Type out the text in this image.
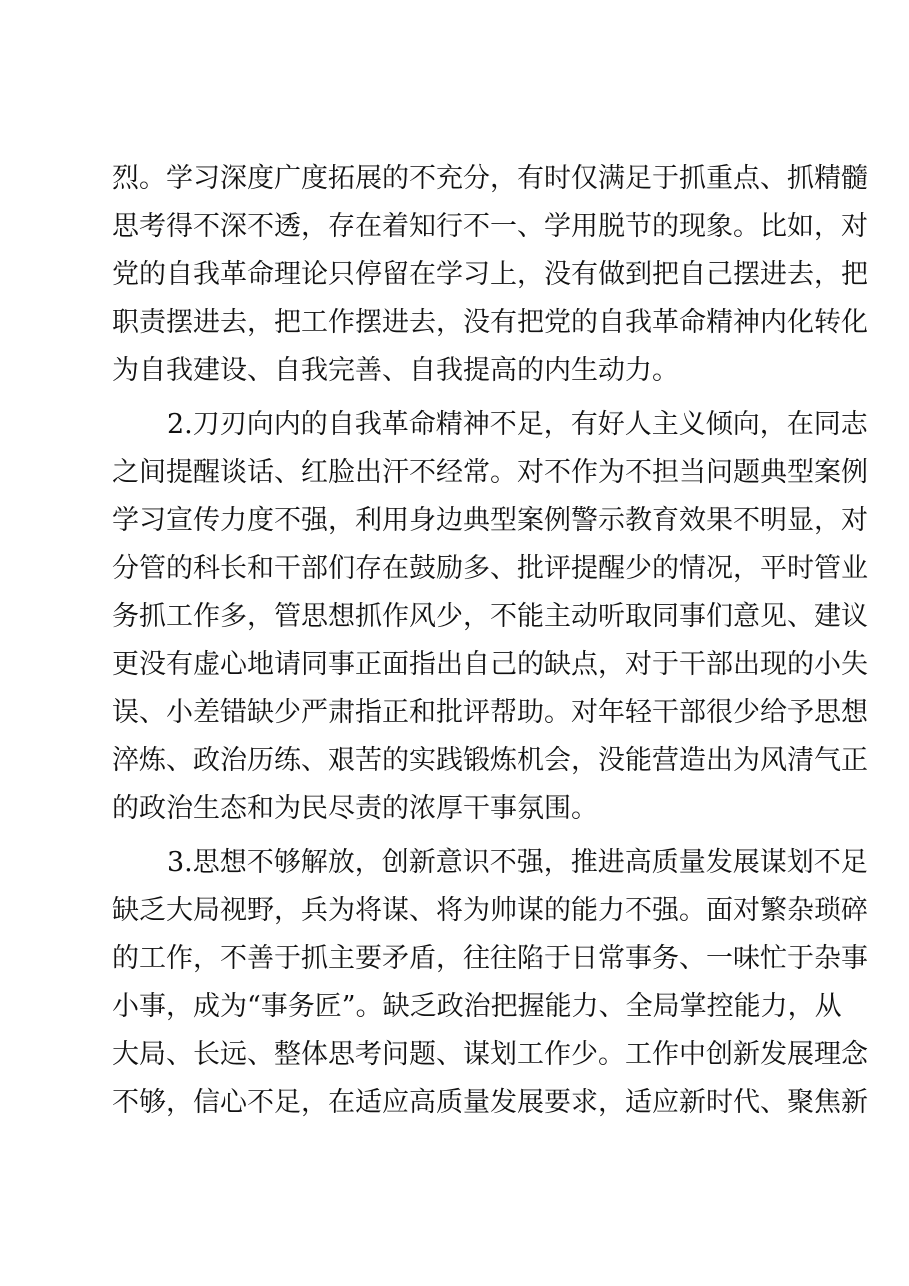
烈。学习深度广度拓展的不充分，有时仅满足于抓重点、抓精髓
思考得不深不透，存在着知行不一、学用脱节的现象。比如，对
党的自我革命理论只停留在学习上，没有做到把自己摆进去，把
职责摆进去，把工作摆进去，没有把党的自我革命精神内化转化
为自我建设、自我完善、自我提高的内生动力。
2.刀刃向内的自我革命精神不足，有好人主义倾向，在同志
之间提醒谈话、红脸出汗不经常。对不作为不担当问题典型案例
学习宣传力度不强，利用身边典型案例警示教育效果不明显，对
分管的科长和干部们存在鼓励多、批评提醒少的情况，平时管业
务抓工作多，管思想抓作风少，不能主动听取同事们意见、建议
更没有虚心地请同事正面指出自己的缺点，对于干部出现的小失
误、小差错缺少严肃指正和批评帮助。对年轻干部很少给予思想
淬炼、政治历练、艰苦的实践锻炼机会，没能营造出为风清气正
的政治生态和为民尽责的浓厚干事氛围。
3.思想不够解放，创新意识不强，推进高质量发展谋划不足
缺乏大局视野，兵为将谋、将为帅谋的能力不强。面对繁杂琐碎
的工作，不善于抓主要矛盾，往往陷于日常事务、一味忙于杂事
小事，成为“事务匠”。缺乏政治把握能力、全局掌控能力，从
大局、长远、整体思考问题、谋划工作少。工作中创新发展理念
不够，信心不足，在适应高质量发展要求，适应新时代、聚焦新
